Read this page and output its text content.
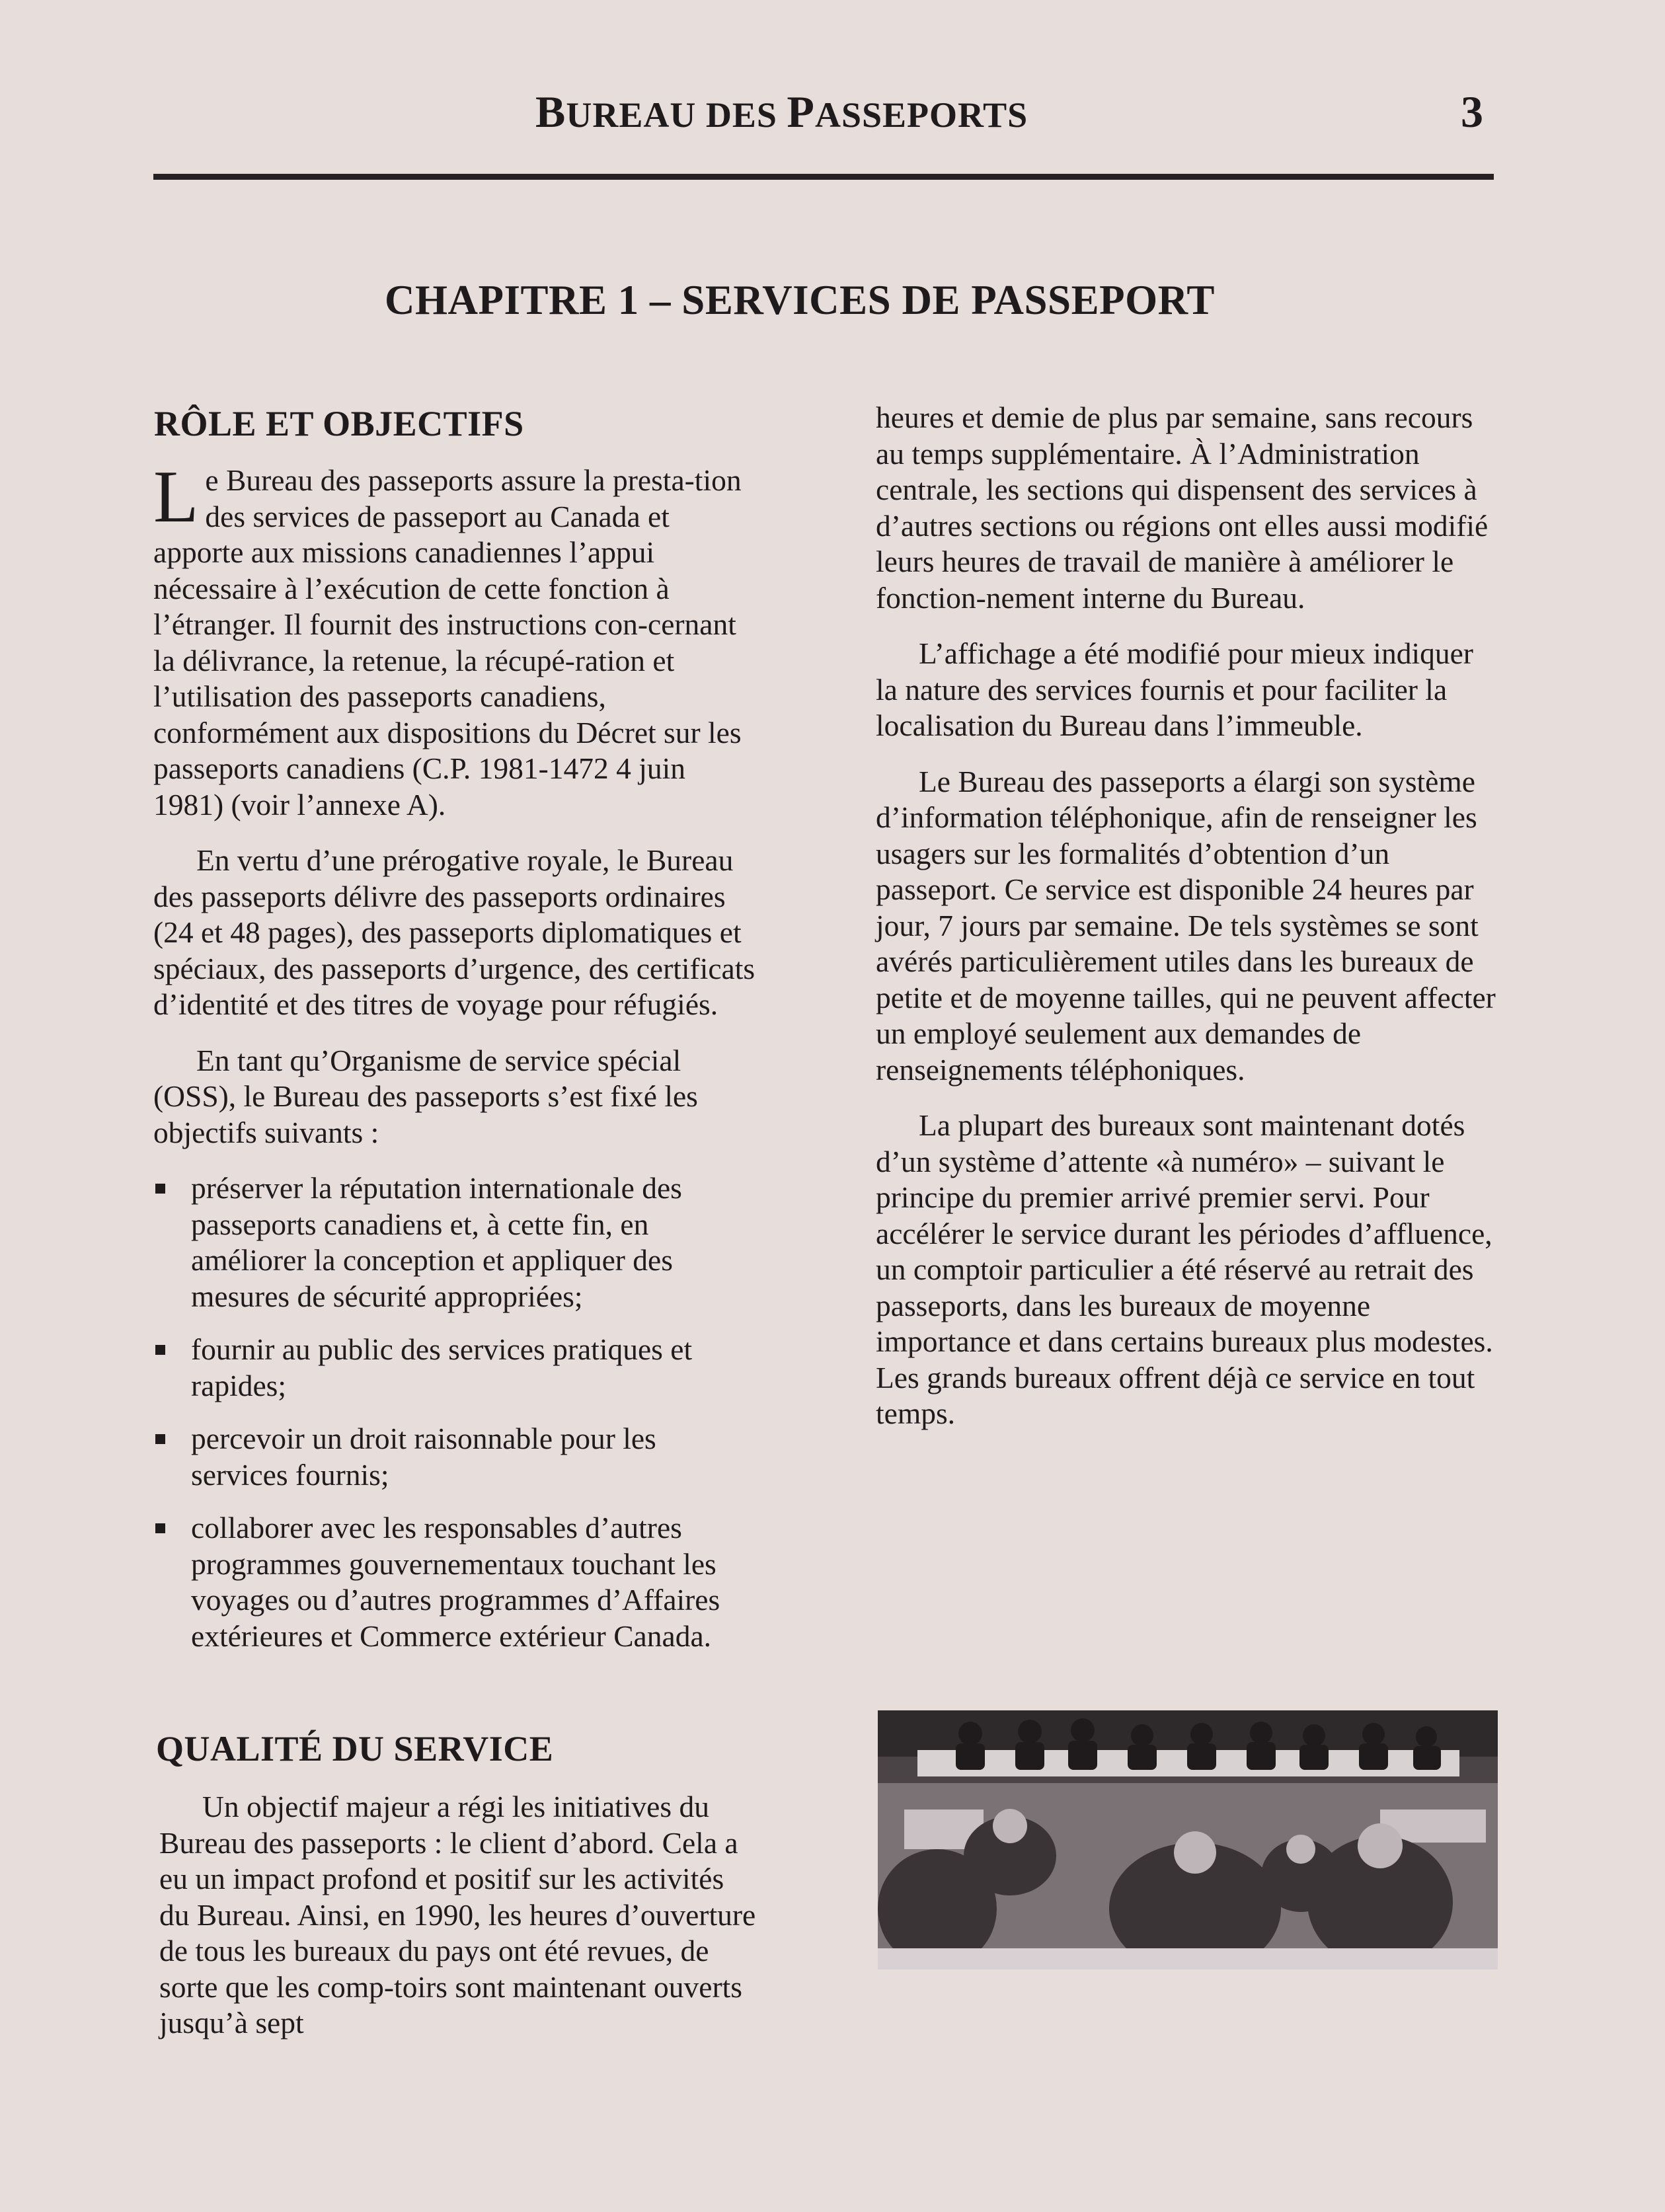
BUREAU DES PASSEPORTS	3
CHAPITRE 1 – SERVICES DE PASSEPORT
RÔLE ET OBJECTIFS

Le Bureau des passeports assure la presta-tion des services de passeport au Canada et apporte aux missions canadiennes l’appui nécessaire à l’exécution de cette fonction à l’étranger. Il fournit des instructions con-cernant la délivrance, la retenue, la récupé-ration et l’utilisation des passeports canadiens, conformément aux dispositions du Décret sur les passeports canadiens (C.P. 1981-1472 4 juin 1981) (voir l’annexe A).

En vertu d’une prérogative royale, le Bureau des passeports délivre des passeports ordinaires (24 et 48 pages), des passeports diplomatiques et spéciaux, des passeports d’urgence, des certificats d’identité et des titres de voyage pour réfugiés.

En tant qu’Organisme de service spécial (OSS), le Bureau des passeports s’est fixé les objectifs suivants :

préserver la réputation internationale des passeports canadiens et, à cette fin, en améliorer la conception et appliquer des mesures de sécurité appropriées;
fournir au public des services pratiques et rapides;
percevoir un droit raisonnable pour les services fournis;
collaborer avec les responsables d’autres programmes gouvernementaux touchant les voyages ou d’autres programmes d’Affaires extérieures et Commerce extérieur Canada.
QUALITÉ DU SERVICE

Un objectif majeur a régi les initiatives du Bureau des passeports : le client d’abord. Cela a eu un impact profond et positif sur les activités du Bureau. Ainsi, en 1990, les heures d’ouverture de tous les bureaux du pays ont été revues, de sorte que les comp-toirs sont maintenant ouverts jusqu’à sept

heures et demie de plus par semaine, sans recours au temps supplémentaire. À l’Administration centrale, les sections qui dispensent des services à d’autres sections ou régions ont elles aussi modifié leurs heures de travail de manière à améliorer le fonction-nement interne du Bureau.

L’affichage a été modifié pour mieux indiquer la nature des services fournis et pour faciliter la localisation du Bureau dans l’immeuble.

Le Bureau des passeports a élargi son système d’information téléphonique, afin de renseigner les usagers sur les formalités d’obtention d’un passeport. Ce service est disponible 24 heures par jour, 7 jours par semaine. De tels systèmes se sont avérés particulièrement utiles dans les bureaux de petite et de moyenne tailles, qui ne peuvent affecter un employé seulement aux demandes de renseignements téléphoniques.

La plupart des bureaux sont maintenant dotés d’un système d’attente «à numéro» – suivant le principe du premier arrivé premier servi. Pour accélérer le service durant les périodes d’affluence, un comptoir particulier a été réservé au retrait des passeports, dans les bureaux de moyenne importance et dans certains bureaux plus modestes. Les grands bureaux offrent déjà ce service en tout temps.
